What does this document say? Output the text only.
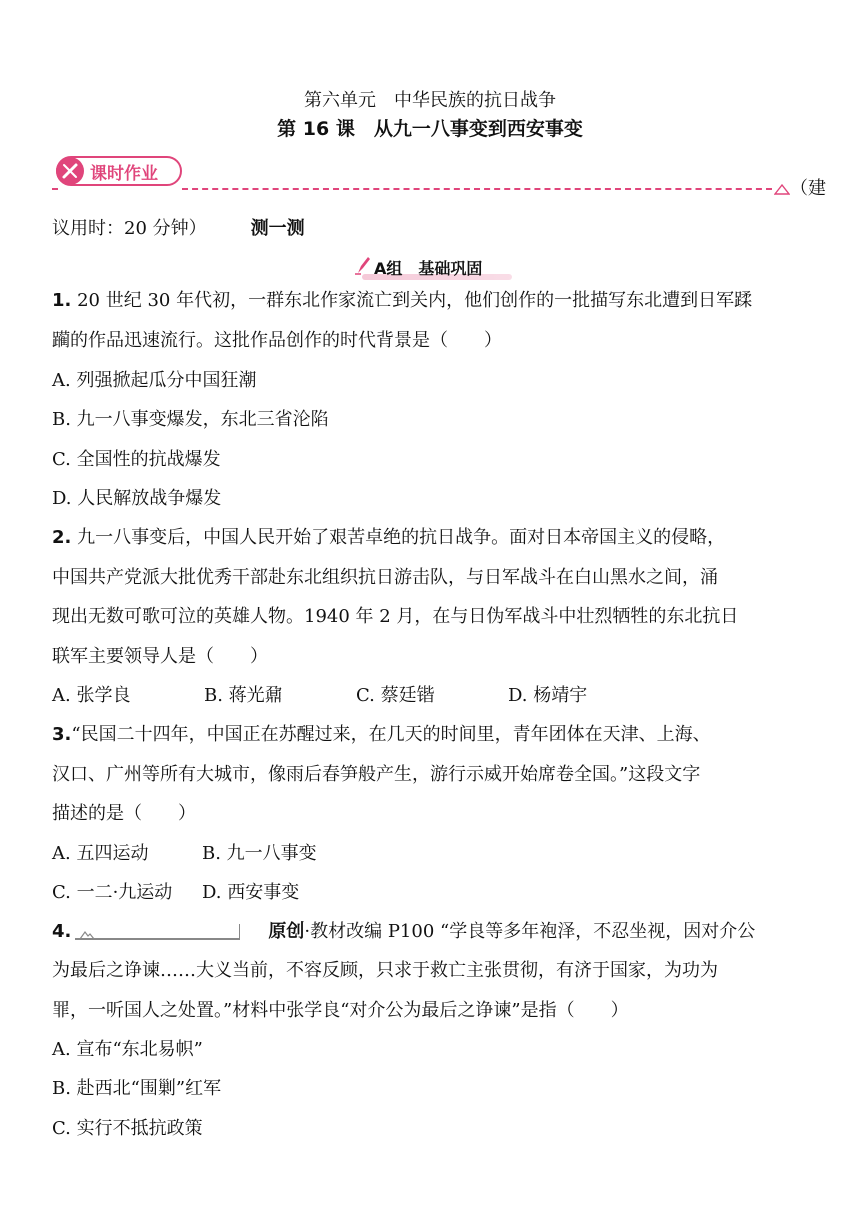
第六单元　中华民族的抗日战争
第 16 课　从九一八事变到西安事变
课时作业
（建
议用时：20 分钟） 测一测
A组　基础巩固
1. 20 世纪 30 年代初，一群东北作家流亡到关内，他们创作的一批描写东北遭到日军蹂
躏的作品迅速流行。这批作品创作的时代背景是（　　）
A. 列强掀起瓜分中国狂潮
B. 九一八事变爆发，东北三省沦陷
C. 全国性的抗战爆发
D. 人民解放战争爆发
2. 九一八事变后，中国人民开始了艰苦卓绝的抗日战争。面对日本帝国主义的侵略，
中国共产党派大批优秀干部赴东北组织抗日游击队，与日军战斗在白山黑水之间，涌
现出无数可歌可泣的英雄人物。1940 年 2 月，在与日伪军战斗中壮烈牺牲的东北抗日
联军主要领导人是（　　）
A. 张学良	B. 蒋光鼐	C. 蔡廷锴	D. 杨靖宇
3.“民国二十四年，中国正在苏醒过来，在几天的时间里，青年团体在天津、上海、
汉口、广州等所有大城市，像雨后春笋般产生，游行示威开始席卷全国。”这段文字
描述的是（　　）
A. 五四运动	B. 九一八事变
C. 一二·九运动 D. 西安事变
4.	原创·教材改编 P100 “学良等多年袍泽，不忍坐视，因对介公
为最后之诤谏……大义当前，不容反顾，只求于救亡主张贯彻，有济于国家，为功为
罪，一听国人之处置。”材料中张学良“对介公为最后之诤谏”是指（　　）
A. 宣布“东北易帜”
B. 赴西北“围剿”红军
C. 实行不抵抗政策
